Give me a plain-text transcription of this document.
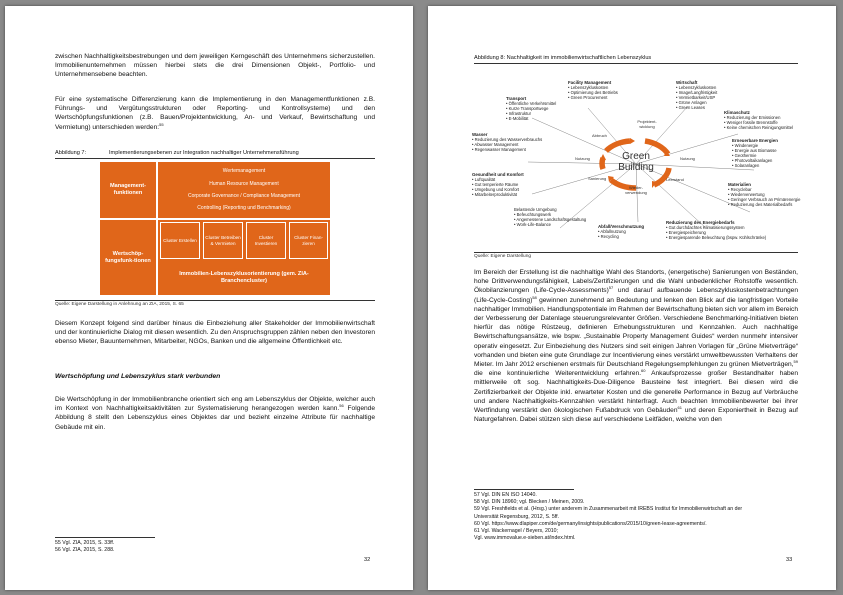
zwischen Nachhaltigkeitsbestrebungen und dem jeweiligen Kerngeschäft des Unternehmens sicherzustellen. Immobilienunternehmen müssen hierbei stets die drei Dimensionen Objekt-, Portfolio- und Unternehmensebene beachten.

Für eine systematische Differenzierung kann die Implementierung in den Managementfunktionen z.B. Führungs- und Vergütungsstrukturen oder Reporting- und Kontrollsysteme) und den Wertschöpfungsfunktionen (z.B. Bauen/Projektentwicklung, An- und Verkauf, Bewirtschaftung und Vermietung) unterschieden werden:$^{55}$

Abbildung 7:	Implementierungsebenen zur Integration nachhaltiger Unternehmensführung
Management-funktionen
Wertemanagement
Human Resource Management
Corporate Governance / Compliance Management
Controlling (Reporting und Benchmarking)
Wertschöp-fungsfunk-tionen
Cluster Erstellen
Cluster Betreiben & Vermieten
Cluster Investieren
Cluster Finan-zieren
Immobilien-Lebenszyklusorientierung (gem. ZIA-Branchencluster)
Quelle: Eigene Darstellung in Anlehnung an ZIA, 2015, S. 65

Diesem Konzept folgend sind darüber hinaus die Einbeziehung aller Stakeholder der Immobilienwirtschaft und der kontinuierliche Dialog mit diesen wesentlich. Zu den Anspruchsgruppen zählen neben den Investoren ebenso Mieter, Bauunternehmen, Mitarbeiter, NGOs, Banken und die allgemeine Öffentlichkeit etc.

Wertschöpfung und Lebenszyklus stark verbunden

Die Wertschöpfung in der Immobilienbranche orientiert sich eng am Lebenszyklus der Objekte, welcher auch im Kontext von Nachhaltigkeitsaktivitäten zur Systematisierung herangezogen werden kann.$^{56}$ Folgende Abbildung 8 stellt den Lebenszyklus eines Objektes dar und bezieht einzelne Attribute für nachhaltige Gebäude mit ein.

55 Vgl. ZIA, 2015, S. 33ff.
56 Vgl. ZIA, 2015, S. 288.
32
Abbildung 8: Nachhaltigkeit im immobilienwirtschaftlichen Lebenszyklus
Green Building
Projektent-wicklung
Abbruch
Nutzung	Nutzung
Sanierung
Wieder-verwendung
Leerstand
Facility Management
• Lebenszykluskosten
• Optimierung des Betriebs
• Green Procurement
Wirtschaft
• Lebenszykluskosten
• Image/Langfristigkeit
• Vermietbarkeit/USP
• Grüne Anlagen
• Green Leases
Transport
• Öffentliche Verkehrsmittel
• Kurze Transportwege
• Infrastruktur
• E-Mobilität
Klimaschutz
• Reduzierung der Emissionen
• Weniger fossile Brennstoffe
• Keine chemischen Reinigungsmittel
Wasser
• Reduzierung des Wasserverbrauchs
• Abwasser Management
• Regenwasser Management
Erneuerbare Energien
• Windenergie
• Energie aus Biomasse
• Geothermie
• Photovoltaikanlagen
• Solaranlagen
Gesundheit und Komfort
• Luftqualität
• Gut temperierte Räume
• Umgebung und Komfort
• Mitarbeiterproduktivität
Materialien
• Recyclebar
• Wiederverwertung
• Geringer Verbrauch an Primärenergie
• Reduzierung des Materialbedarfs
Belastende Umgebung
• Befeuchtungswerk
• Angemessene Landschaftsgestaltung
• Work-Life-Balance	Abfall/Verschmutzung
• Abfallnutzung
• Recycling
Reduzierung des Energiebedarfs
• Gut durchdachtes Klimatisierungssystem
• Energiespeicherung
• Energiesparende Beleuchtung (bspw. Kühlschränke)
Quelle: Eigene Darstellung

Im Bereich der Erstellung ist die nachhaltige Wahl des Standorts, (energetische) Sanierungen von Beständen, hohe Drittverwendungsfähigkeit, Labels/Zertifizierungen und die Wahl unbedenklicher Rohstoffe wesentlich. Ökobilanzierungen (Life-Cycle-Assessments)$^{57}$ und darauf aufbauende Lebenszykluskostenbetrachtungen (Life-Cycle-Costing)$^{58}$ gewinnen zunehmend an Bedeutung und lenken den Blick auf die langfristigen Vorteile nachhaltiger Immobilien. Handlungspotentiale im Rahmen der Bewirtschaftung bieten sich vor allem im Bereich der Verbesserung der Datenlage steuerungsrelevanter Größen. Verschiedene Benchmarking-Initiativen bieten hierfür das nötige Rüstzeug, definieren Erhebungsstrukturen und Kennzahlen. Auch nachhaltige Bewirtschaftungsansätze, wie bspw. „Sustainable Property Management Guides“ werden nunmehr intensiver operativ eingesetzt. Zur Einbeziehung des Nutzers sind seit einigen Jahren Vorlagen für „Grüne Mietverträge“ vorhanden und bieten eine gute Grundlage zur Incentivierung eines verstärkt umweltbewussten Verhaltens der Mieter. Im Jahr 2012 erschienen erstmals für Deutschland Regelungsempfehlungen zu grünen Mietverträgen,$^{59}$ die eine kontinuierliche Weiterentwicklung erfahren.$^{60}$ Ankaufsprozesse großer Bestandhalter haben mittlerweile oft sog. Nachhaltigkeits-Due-Diligence Bausteine fest integriert. Bei diesen wird die Zertifizierbarkeit der Objekte inkl. erwarteter Kosten und die generelle Performance in Bezug auf Verbräuche und andere Nachhaltigkeits-Kennzahlen verstärkt hinterfragt. Auch beachten Immobilienbewerter bei ihrer Wertfindung verstärkt den ökologischen Fußabdruck von Gebäuden$^{61}$ und deren Exponiertheit in Bezug auf Naturgefahren. Dabei stützen sich diese auf verschiedene Leitfäden, welche von den

57 Vgl. DIN EN ISO 14040.
58 Vgl. DIN 18960; vgl. Blecken / Meinen, 2009.
59 Vgl. Freshfields et al. (Hrsg.) unter anderem in Zusammenarbeit mit IREBS Institut für Immobilienwirtschaft an der
Universität Regensburg, 2012, S. 5ff.
60 Vgl. https://www.dlapiper.com/de/germany/insights/publications/2015/10/green-lease-agreements/.
61 Vgl. Wackernagel / Beyers, 2010;
Vgl. www.immovalue.e-sieben.at/index.html.
33
